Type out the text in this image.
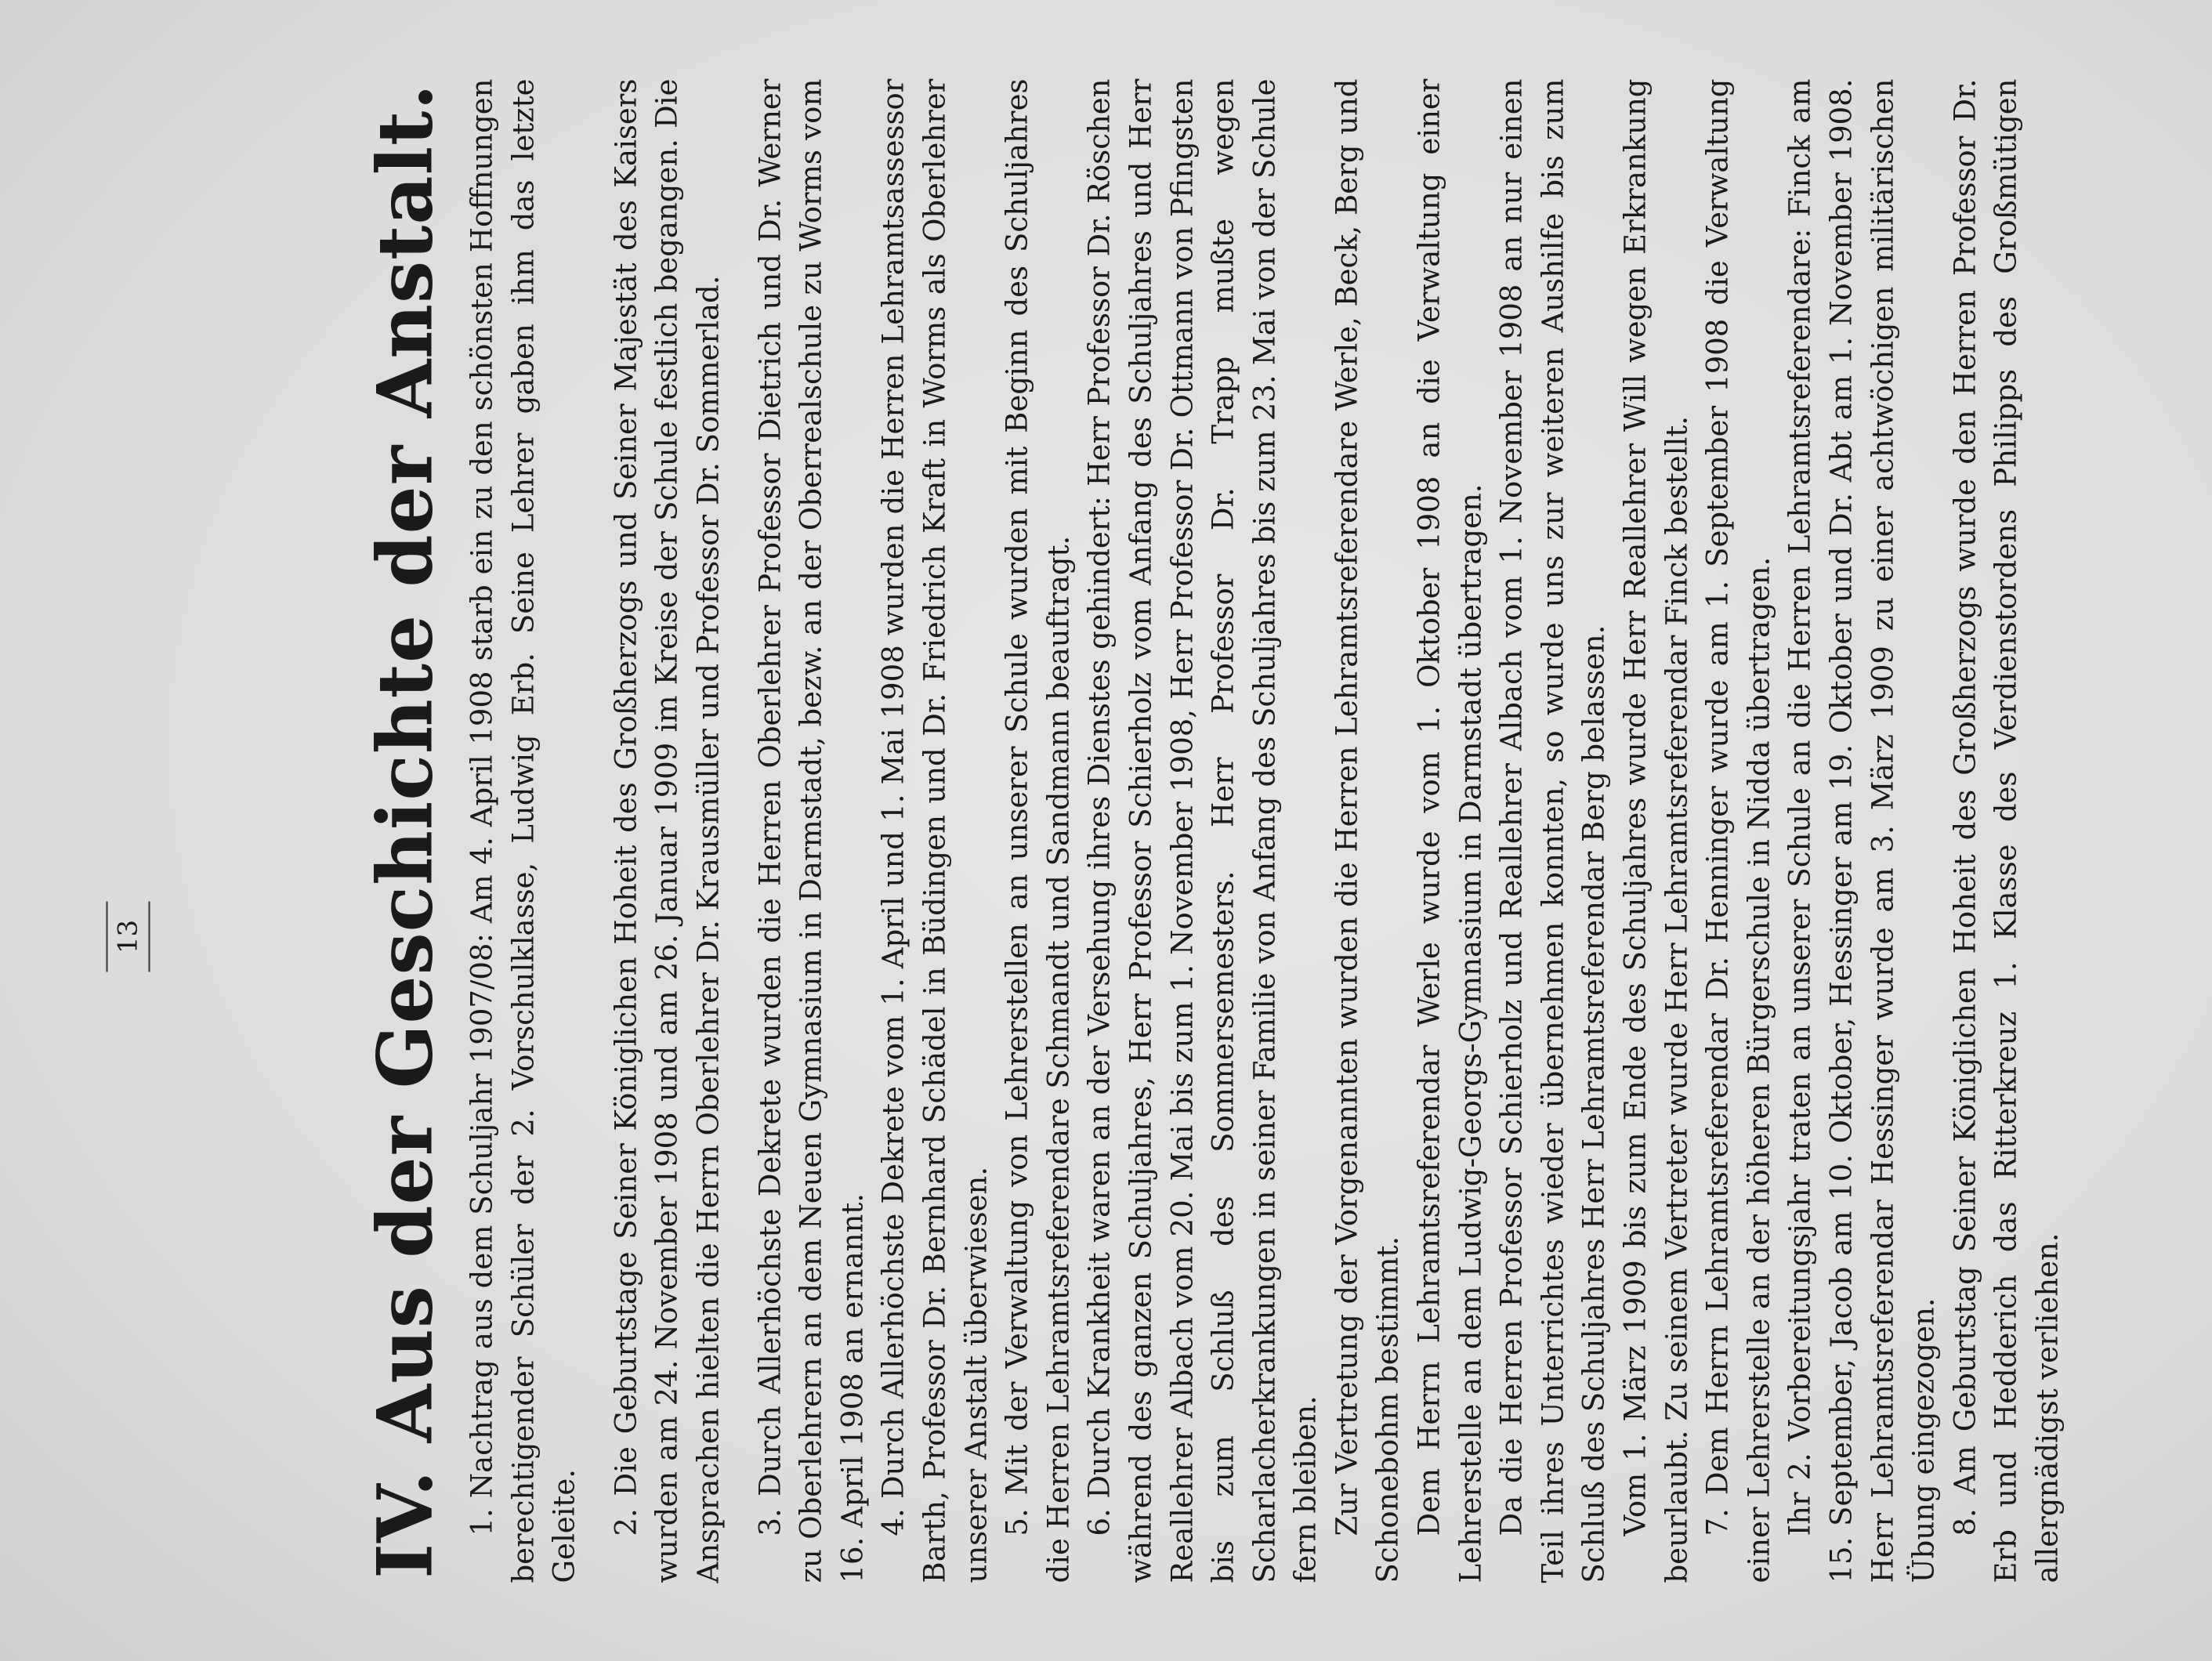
13	IV. Aus der Geschichte der Anstalt. 1. Nachtrag aus dem Schuljahr 1907/08: Am 4. April 1908 starb ein zu den schönsten Hoffnungen berechtigender Schüler der 2. Vorschulklasse, Ludwig Erb. Seine Lehrer gaben ihm das letzte Geleite. 2. Die Geburtstage Seiner Königlichen Hoheit des Großherzogs und Seiner Majestät des Kaisers wurden am 24. November 1908 und am 26. Januar 1909 im Kreise der Schule festlich begangen. Die Ansprachen hielten die Herrn Oberlehrer Dr. Krausmüller und Professor Dr. Sommerlad. 3. Durch Allerhöchste Dekrete wurden die Herren Oberlehrer Professor Dietrich und Dr. Werner zu Oberlehrern an dem Neuen Gymnasium in Darmstadt, bezw. an der Oberrealschule zu Worms vom 16. April 1908 an ernannt. 4. Durch Allerhöchste Dekrete vom 1. April und 1. Mai 1908 wurden die Herren Lehramtsassessor Barth, Professor Dr. Bernhard Schädel in Büdingen und Dr. Friedrich Kraft in Worms als Oberlehrer unserer Anstalt überwiesen. 5. Mit der Verwaltung von Lehrerstellen an unserer Schule wurden mit Beginn des Schuljahres die Herren Lehramtsreferendare Schmandt und Sandmann beauftragt. 6. Durch Krankheit waren an der Versehung ihres Dienstes gehindert: Herr Professor Dr. Röschen während des ganzen Schuljahres, Herr Professor Schierholz vom Anfang des Schuljahres und Herr Reallehrer Albach vom 20. Mai bis zum 1. November 1908, Herr Professor Dr. Ottmann von Pfingsten bis zum Schluß des Sommersemesters. Herr Professor Dr. Trapp mußte wegen Scharlacherkrankungen in seiner Familie von Anfang des Schuljahres bis zum 23. Mai von der Schule fern bleiben. Zur Vertretung der Vorgenannten wurden die Herren Lehramtsreferendare Werle, Beck, Berg und Schonebohm bestimmt. Dem Herrn Lehramtsreferendar Werle wurde vom 1. Oktober 1908 an die Verwaltung einer Lehrerstelle an dem Ludwig-Georgs-Gymnasium in Darmstadt übertragen. Da die Herren Professor Schierholz und Reallehrer Albach vom 1. November 1908 an nur einen Teil ihres Unterrichtes wieder übernehmen konnten, so wurde uns zur weiteren Aushilfe bis zum Schluß des Schuljahres Herr Lehramtsreferendar Berg belassen. Vom 1. März 1909 bis zum Ende des Schuljahres wurde Herr Reallehrer Will wegen Erkrankung beurlaubt. Zu seinem Vertreter wurde Herr Lehramtsreferendar Finck bestellt. 7. Dem Herrn Lehramtsreferendar Dr. Henninger wurde am 1. September 1908 die Verwaltung einer Lehrerstelle an der höheren Bürgerschule in Nidda übertragen. Ihr 2. Vorbereitungsjahr traten an unserer Schule an die Herren Lehramtsreferendare: Finck am 15. September, Jacob am 10. Oktober, Hessinger am 19. Oktober und Dr. Abt am 1. November 1908. Herr Lehramtsreferendar Hessinger wurde am 3. März 1909 zu einer achtwöchigen militärischen Übung eingezogen. 8. Am Geburtstag Seiner Königlichen Hoheit des Großherzogs wurde den Herren Professor Dr. Erb und Hedderich das Ritterkreuz 1. Klasse des Verdienstordens Philipps des Großmütigen allergnädigst verliehen.
